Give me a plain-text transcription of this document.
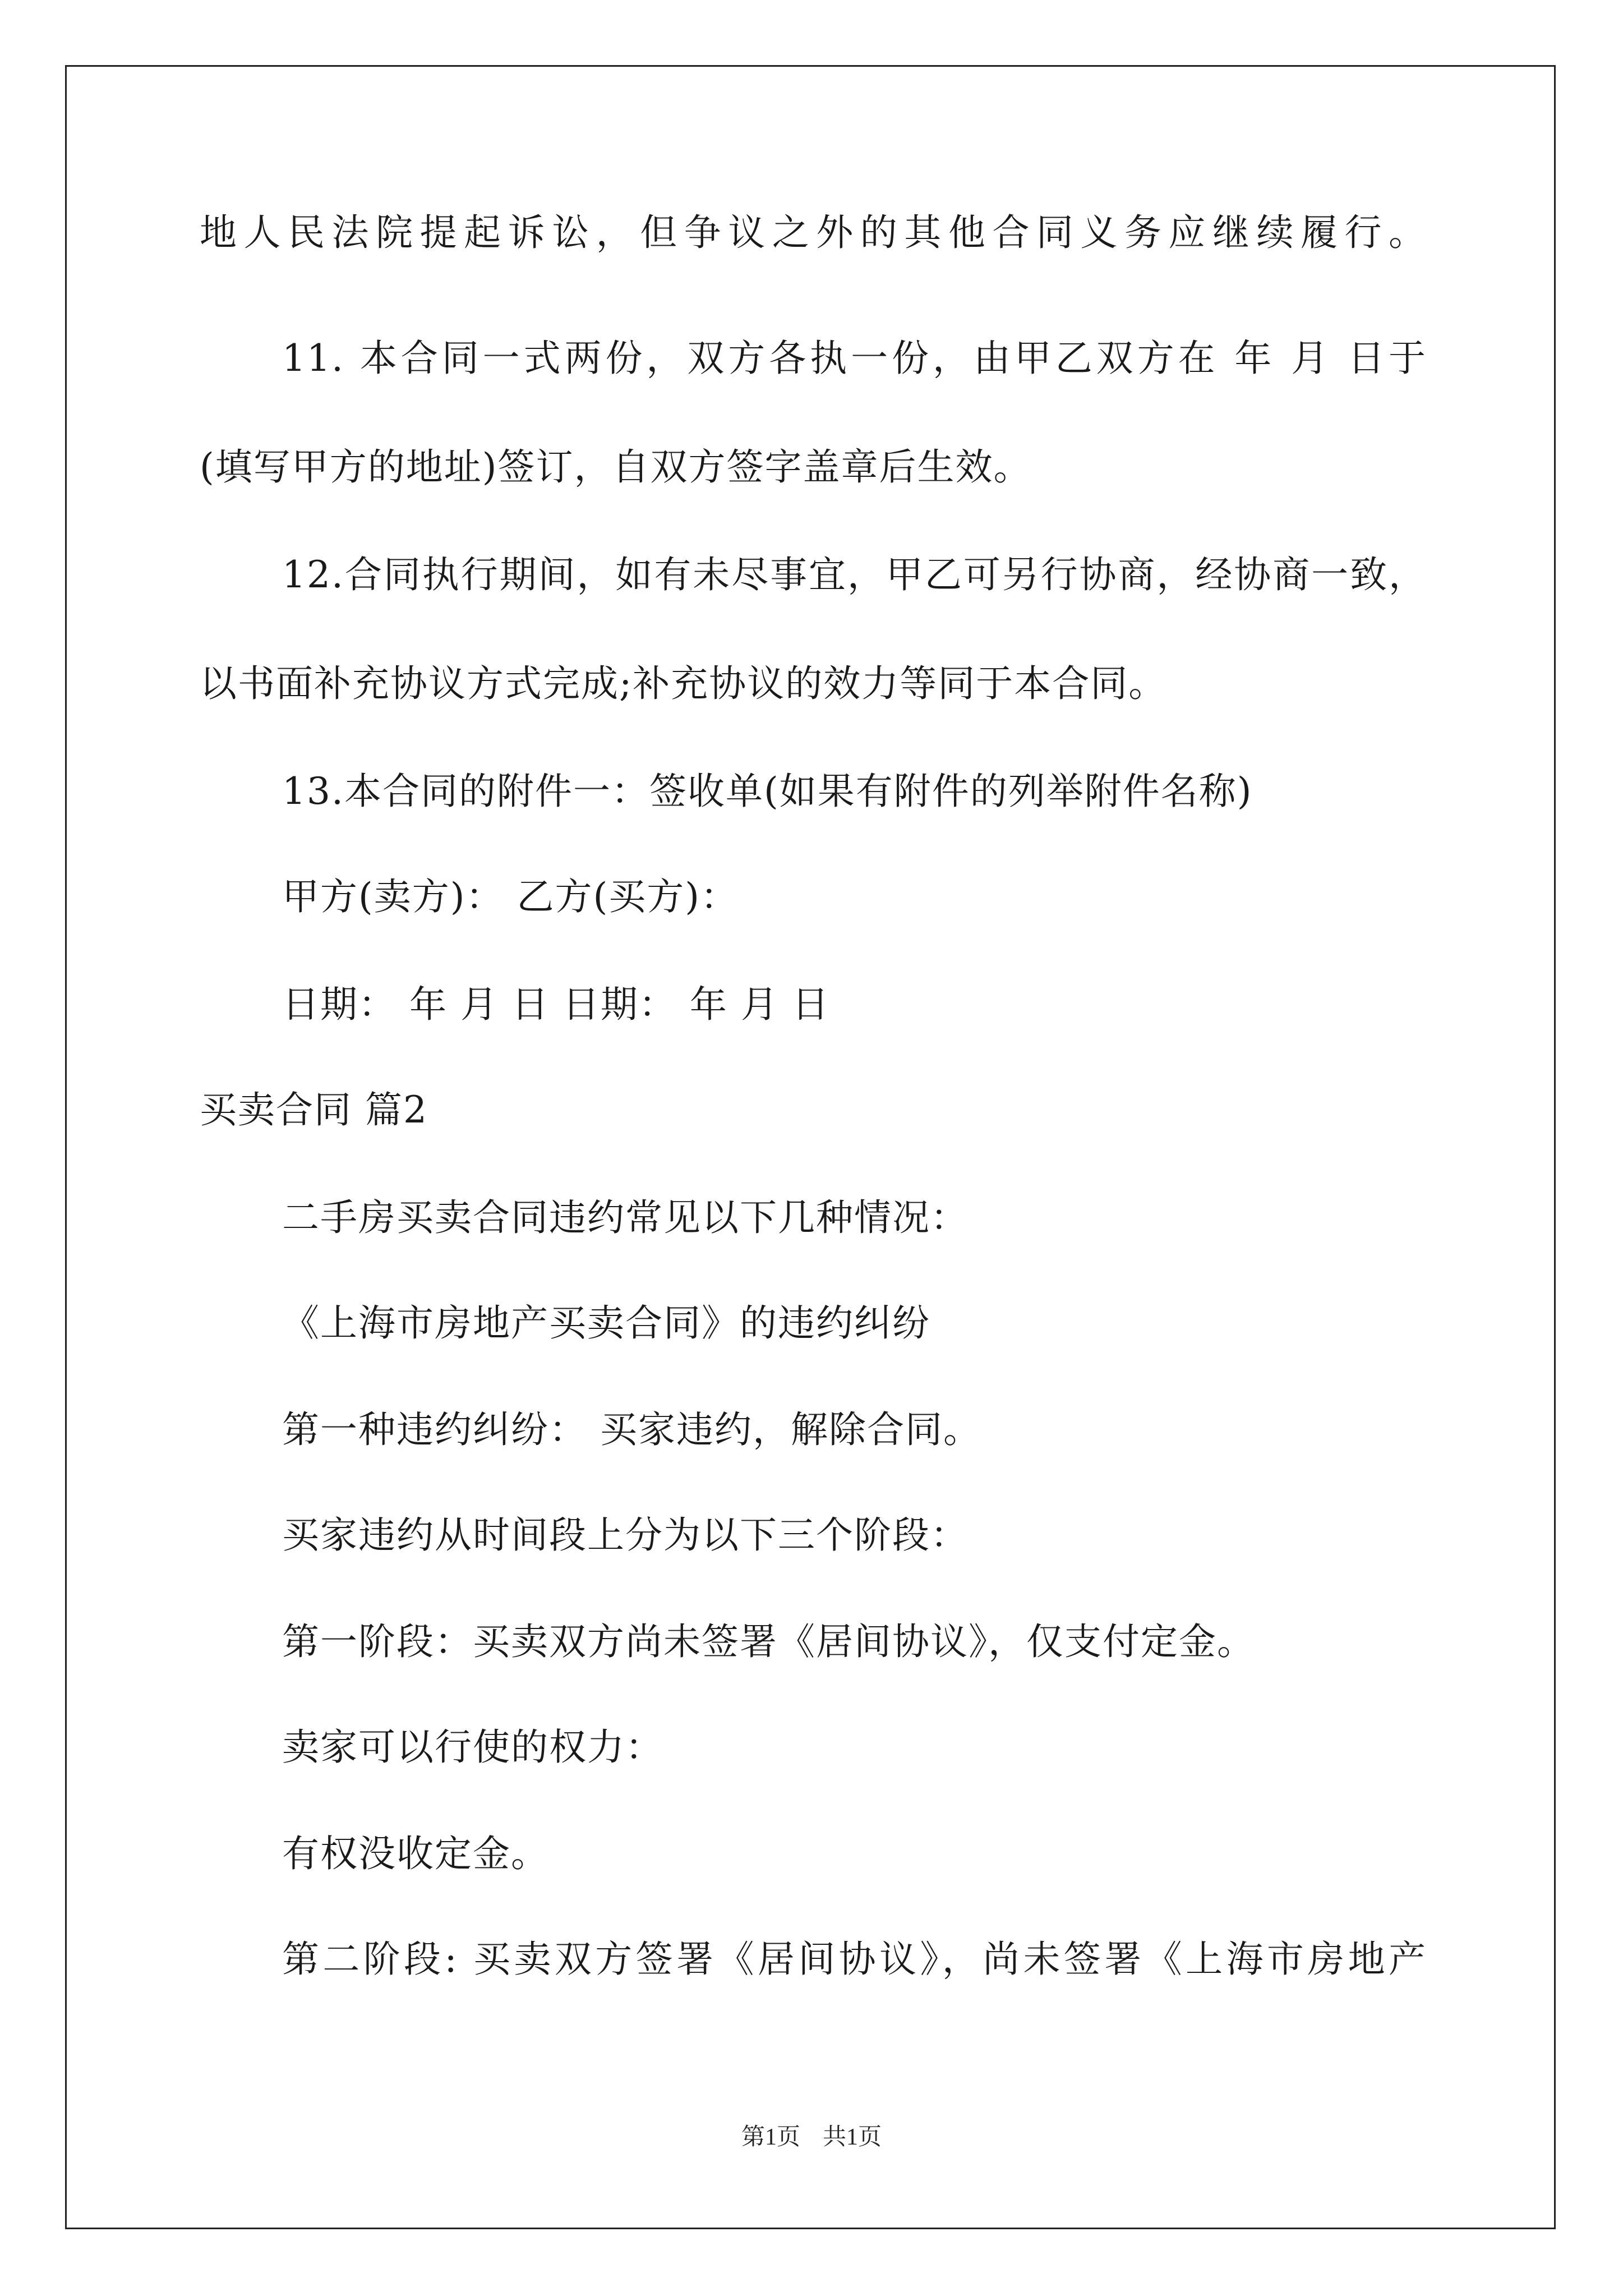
地人民法院提起诉讼，但争议之外的其他合同义务应继续履行。
11. 本合同一式两份，双方各执一份，由甲乙双方在 年 月 日于
(填写甲方的地址)签订，自双方签字盖章后生效。
12.合同执行期间，如有未尽事宜，甲乙可另行协商，经协商一致，
以书面补充协议方式完成;补充协议的效力等同于本合同。
13.本合同的附件一：签收单(如果有附件的列举附件名称)
甲方(卖方)： 乙方(买方)：
日期： 年 月 日 日期： 年 月 日
买卖合同 篇2
二手房买卖合同违约常见以下几种情况：
《上海市房地产买卖合同》的违约纠纷
第一种违约纠纷： 买家违约，解除合同。
买家违约从时间段上分为以下三个阶段：
第一阶段：买卖双方尚未签署《居间协议》，仅支付定金。
卖家可以行使的权力：
有权没收定金。
第二阶段: 买卖双方签署《居间协议》，尚未签署《上海市房地产
第1页 共1页
